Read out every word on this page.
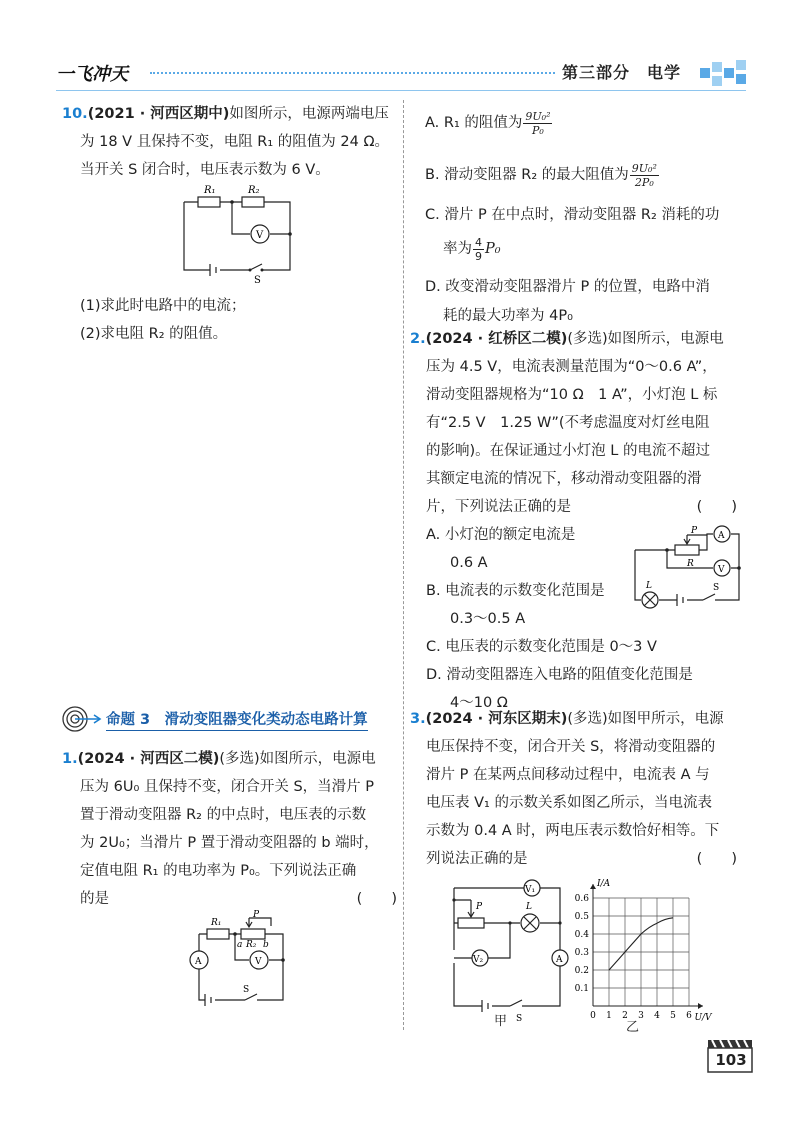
一飞冲天	第三部分　电学
10.(2021 · 河西区期中)如图所示，电源两端电压
为 18 V 且保持不变，电阻 R₁ 的阻值为 24 Ω。
当开关 S 闭合时，电压表示数为 6 V。
R₁	R₂
V
S
(1)求此时电路中的电流；
(2)求电阻 R₂ 的阻值。
命题 3　滑动变阻器变化类动态电路计算
1.(2024 · 河西区二模)(多选)如图所示，电源电
压为 6U₀ 且保持不变，闭合开关 S，当滑片 P
置于滑动变阻器 R₂ 的中点时，电压表的示数
为 2U₀；当滑片 P 置于滑动变阻器的 b 端时，
定值电阻 R₁ 的电功率为 P₀。下列说法正确
的是	(　　)
R₁
P
a R₂ b
V
A
S
A. R₁ 的阻值为 $\frac{\text{9U₀²}}{\text{P₀}}$
B. 滑动变阻器 R₂ 的最大阻值为 $\frac{\text{9U₀²}}{\text{2P₀}}$
C. 滑片 P 在中点时，滑动变阻器 R₂ 消耗的功
率为 $\frac{4}{9} P_0$
D. 改变滑动变阻器滑片 P 的位置，电路中消
耗的最大功率为 4P₀
2.(2024 · 红桥区二模)(多选)如图所示，电源电
压为 4.5 V，电流表测量范围为“0～0.6 A”，
滑动变阻器规格为“10 Ω　1 A”，小灯泡 L 标
有“2.5 V　1.25 W”(不考虑温度对灯丝电阻
的影响)。在保证通过小灯泡 L 的电流不超过
其额定电流的情况下，移动滑动变阻器的滑
片，下列说法正确的是	(　　)
A. 小灯泡的额定电流是
0.6 A
B. 电流表的示数变化范围是
0.3～0.5 A
C. 电压表的示数变化范围是 0～3 V
D. 滑动变阻器连入电路的阻值变化范围是
4～10 Ω
P
R
A
V
L	S
3.(2024 · 河东区期末)(多选)如图甲所示，电源
电压保持不变，闭合开关 S，将滑动变阻器的
滑片 P 在某两点间移动过程中，电流表 A 与
电压表 V₁ 的示数关系如图乙所示，当电流表
示数为 0.4 A 时，两电压表示数恰好相等。下
列说法正确的是	(　　)
V₁
P	L
A
V₂
S
甲	0 1 2 3 4 5 6
0.1
0.2
0.3
0.4
0.5
0.6
U/V
I/A
乙
103
